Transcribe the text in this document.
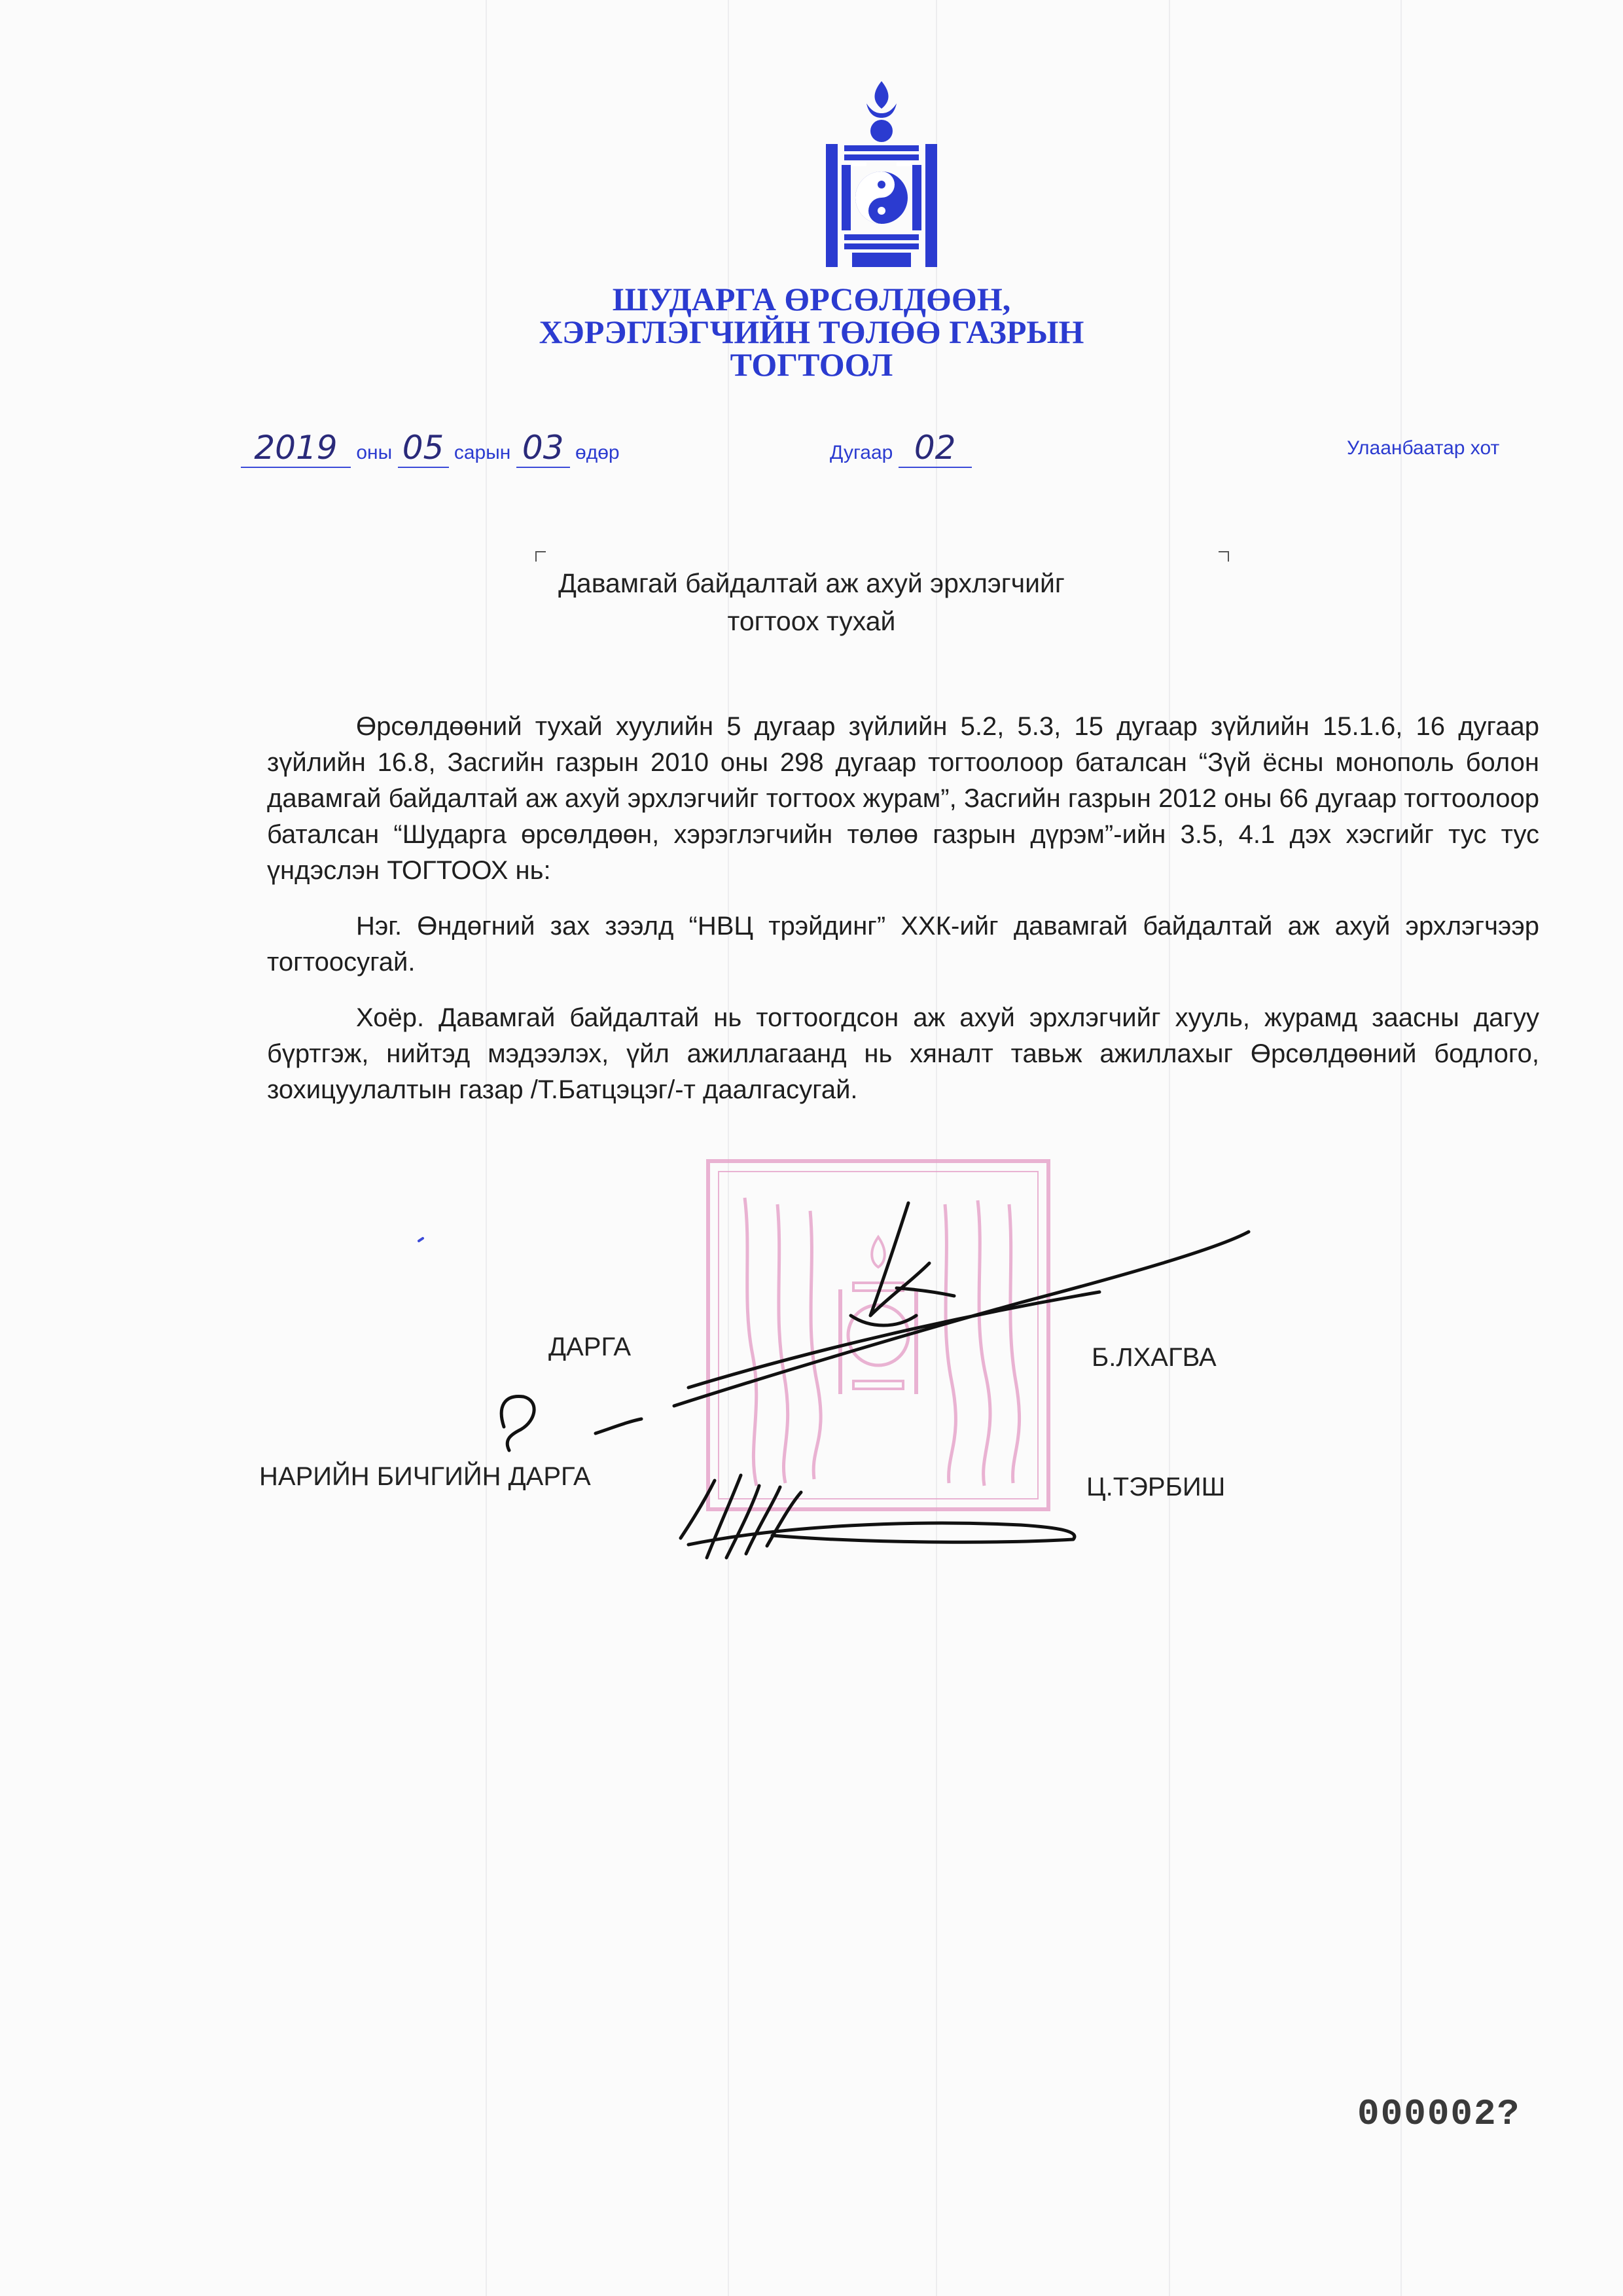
ШУДАРГА ӨРСӨЛДӨӨН,
ХЭРЭГЛЭГЧИЙН ТӨЛӨӨ ГАЗРЫН
ТОГТООЛ
2019 оны 05 сарын 03 өдөр	Дугаар 02	Улаанбаатар хот
Давамгай байдалтай аж ахуй эрхлэгчийг
тогтоох тухай

Өрсөлдөөний тухай хуулийн 5 дугаар зүйлийн 5.2, 5.3, 15 дугаар зүйлийн 15.1.6, 16 дугаар зүйлийн 16.8, Засгийн газрын 2010 оны 298 дугаар тогтоолоор баталсан “Зүй ёсны монополь болон давамгай байдалтай аж ахуй эрхлэгчийг тогтоох журам”, Засгийн газрын 2012 оны 66 дугаар тогтоолоор баталсан “Шударга өрсөлдөөн, хэрэглэгчийн төлөө газрын дүрэм”-ийн 3.5, 4.1 дэх хэсгийг тус тус үндэслэн ТОГТООХ нь:

Нэг. Өндөгний зах зээлд “НВЦ трэйдинг” ХХК-ийг давамгай байдалтай аж ахуй эрхлэгчээр тогтоосугай.

Хоёр. Давамгай байдалтай нь тогтоогдсон аж ахуй эрхлэгчийг хууль, журамд заасны дагуу бүртгэж, нийтэд мэдээлэх, үйл ажиллагаанд нь хяналт тавьж ажиллахыг Өрсөлдөөний бодлого, зохицуулалтын газар /Т.Батцэцэг/-т даалгасугай.

ДАРГА	Б.ЛХАГВА
НАРИЙН БИЧГИЙН ДАРГА	Ц.ТЭРБИШ
000002?
